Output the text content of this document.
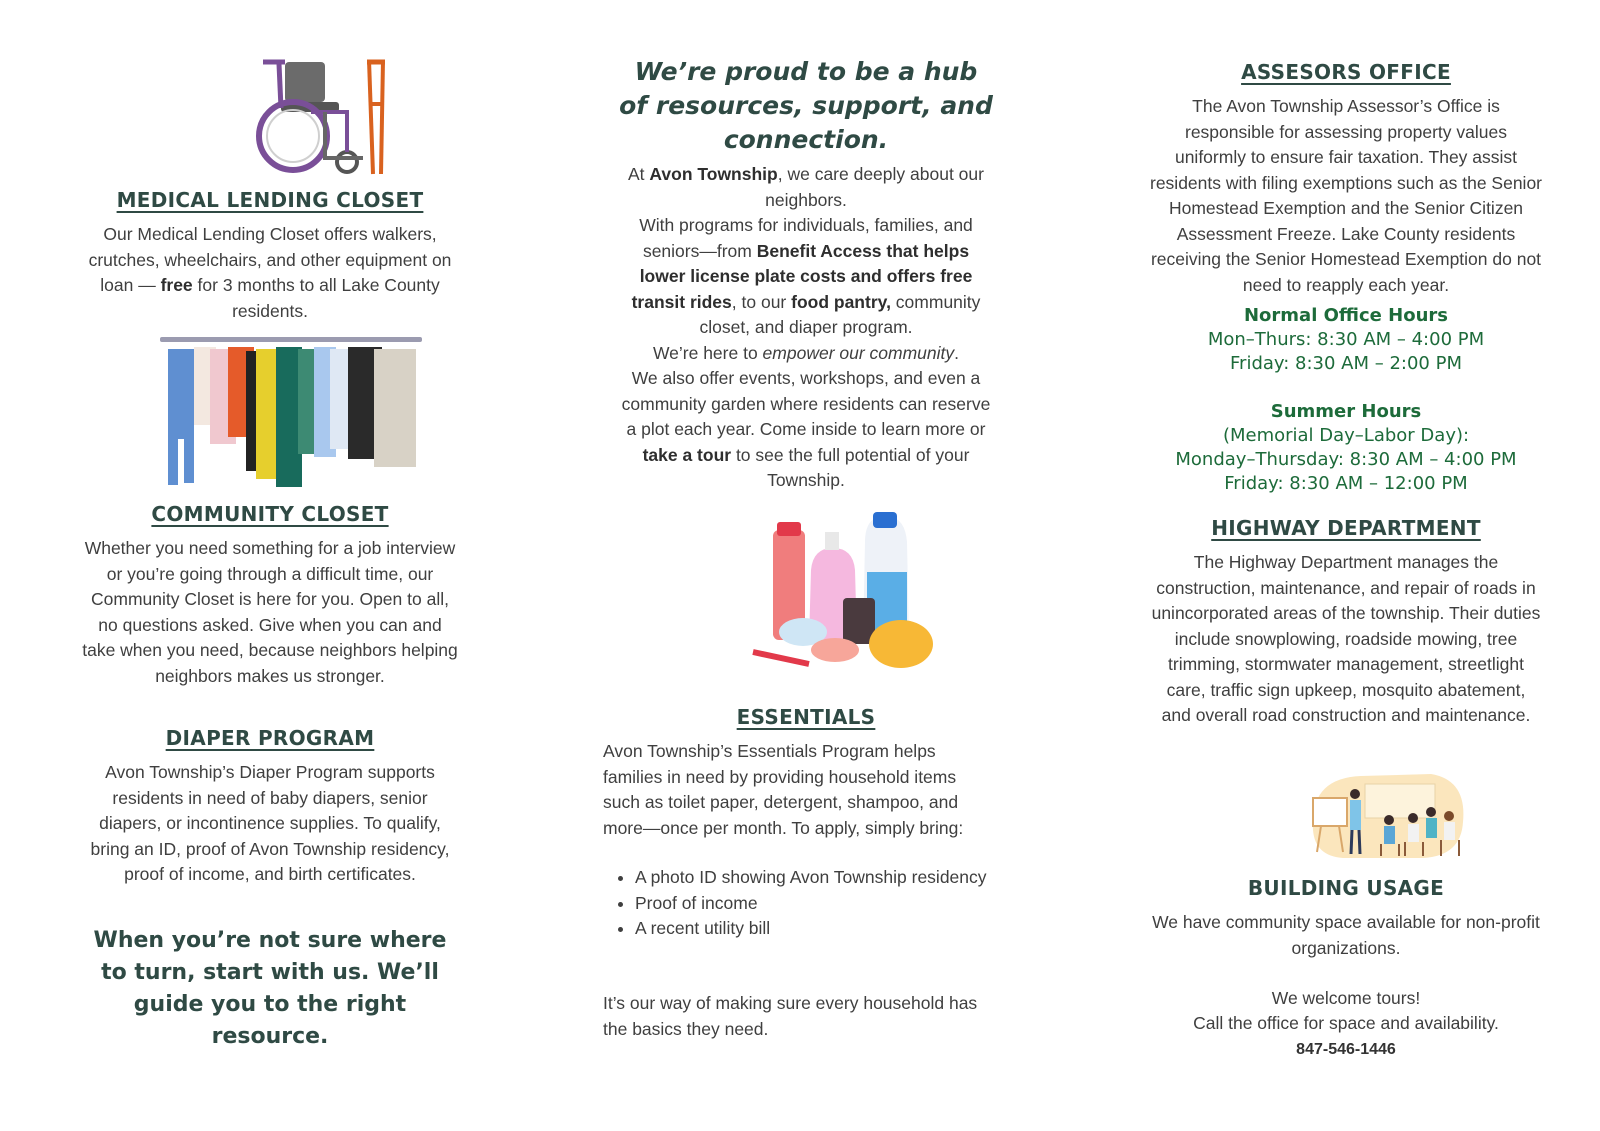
MEDICAL LENDING CLOSET

Our Medical Lending Closet offers walkers, crutches, wheelchairs, and other equipment on loan — free for 3 months to all Lake County residents.

COMMUNITY CLOSET

Whether you need something for a job interview or you’re going through a difficult time, our Community Closet is here for you. Open to all, no questions asked. Give when you can and take when you need, because neighbors helping neighbors makes us stronger.

DIAPER PROGRAM

Avon Township’s Diaper Program supports residents in need of baby diapers, senior diapers, or incontinence supplies. To qualify, bring an ID, proof of Avon Township residency, proof of income, and birth certificates.

When you’re not sure where to turn, start with us. We’ll guide you to the right resource.

We’re proud to be a hub of resources, support, and connection.

At Avon Township, we care deeply about our neighbors.

With programs for individuals, families, and seniors—from Benefit Access that helps lower license plate costs and offers free transit rides, to our food pantry, community closet, and diaper program.

We’re here to empower our community.

We also offer events, workshops, and even a community garden where residents can reserve a plot each year. Come inside to learn more or take a tour to see the full potential of your Township.

ESSENTIALS

Avon Township’s Essentials Program helps families in need by providing household items such as toilet paper, detergent, shampoo, and more—once per month. To apply, simply bring:

• A photo ID showing Avon Township residency
• Proof of income
• A recent utility bill

It’s our way of making sure every household has the basics they need.

ASSESORS OFFICE

The Avon Township Assessor’s Office is responsible for assessing property values uniformly to ensure fair taxation. They assist residents with filing exemptions such as the Senior Homestead Exemption and the Senior Citizen Assessment Freeze. Lake County residents receiving the Senior Homestead Exemption do not need to reapply each year.

Normal Office Hours

Mon–Thurs: 8:30 AM – 4:00 PM

Friday: 8:30 AM – 2:00 PM

Summer Hours

(Memorial Day–Labor Day):

Monday–Thursday: 8:30 AM – 4:00 PM

Friday: 8:30 AM – 12:00 PM

HIGHWAY DEPARTMENT

The Highway Department manages the construction, maintenance, and repair of roads in unincorporated areas of the township. Their duties include snowplowing, roadside mowing, tree trimming, stormwater management, streetlight care, traffic sign upkeep, mosquito abatement, and overall road construction and maintenance.

BUILDING USAGE

We have community space available for non-profit organizations.

We welcome tours!

Call the office for space and availability.

847-546-1446
